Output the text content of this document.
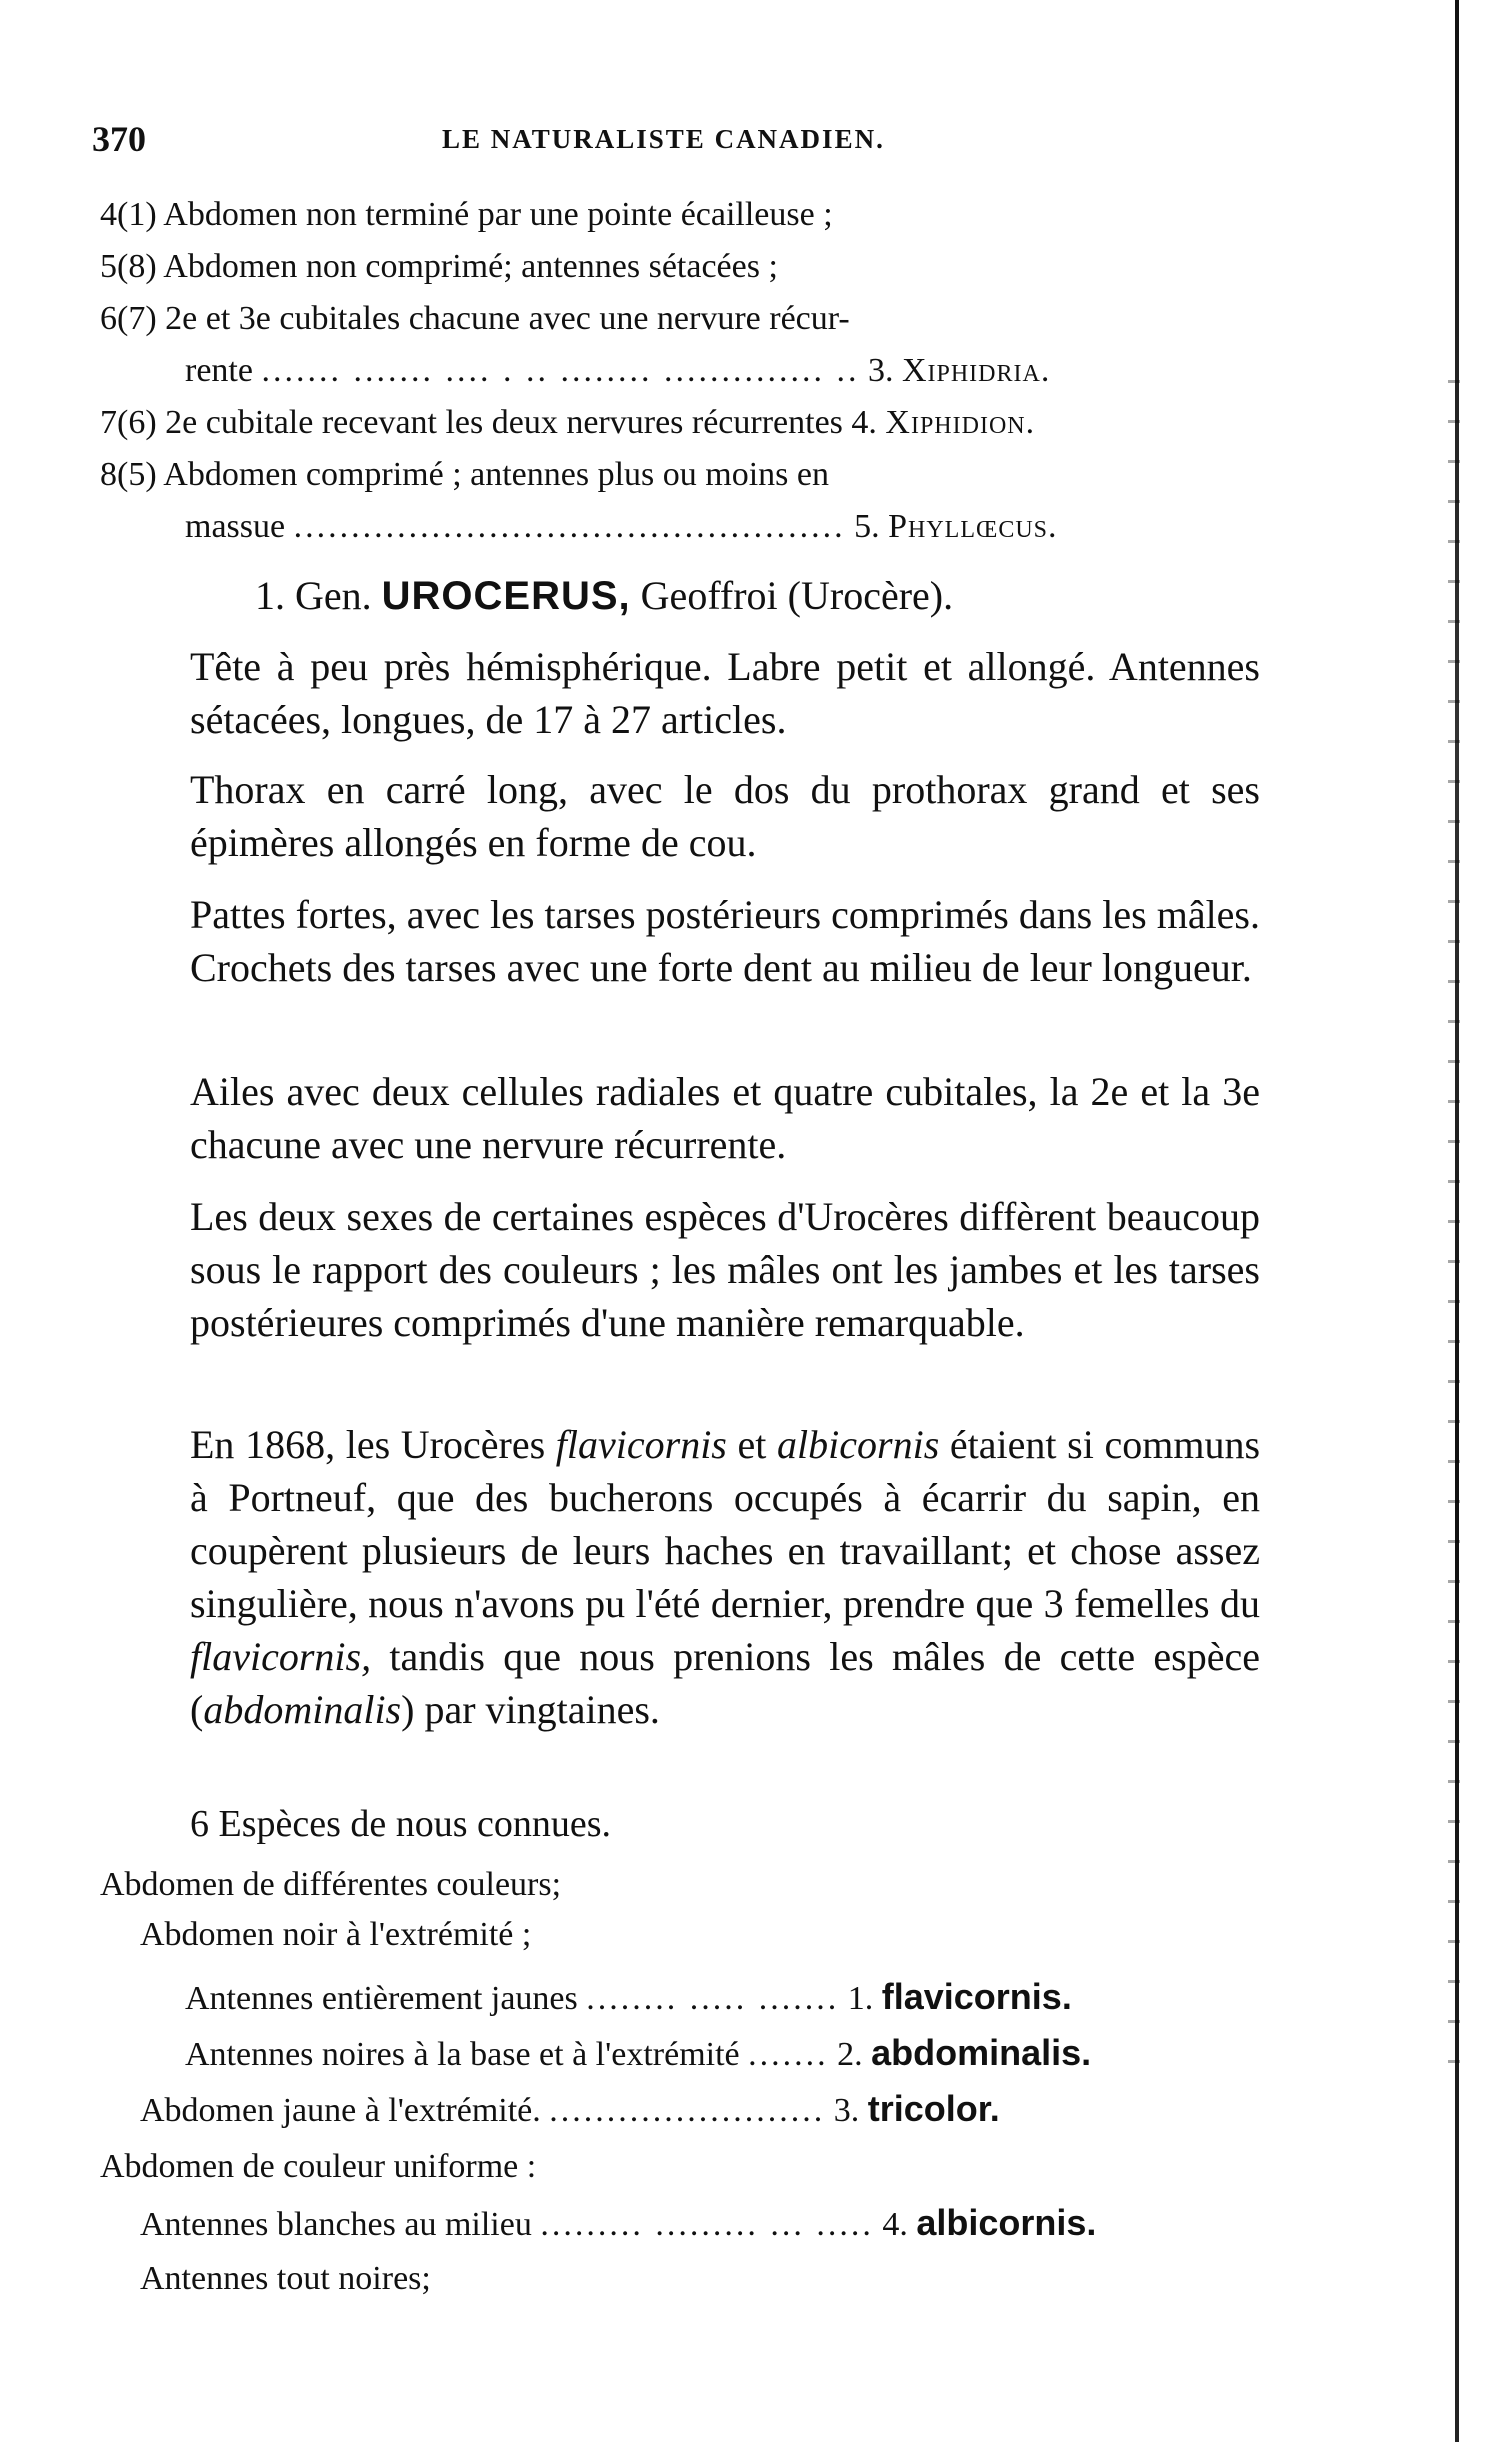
370	LE NATURALISTE CANADIEN.
4(1) Abdomen non terminé par une pointe écailleuse ;
5(8) Abdomen non comprimé; antennes sétacées ;
6(7) 2e et 3e cubitales chacune avec une nervure récur-
rente ....... ....... .... . .. ........ .............. .. 3. Xiphidria.
7(6) 2e cubitale recevant les deux nervures récurrentes 4. Xiphidion.
8(5) Abdomen comprimé ; antennes plus ou moins en
massue ................................................ 5. Phyllœcus.
1. Gen. UROCERUS, Geoffroi (Urocère).

Tête à peu près hémisphérique. Labre petit et allongé. Antennes sétacées, longues, de 17 à 27 articles.

Thorax en carré long, avec le dos du prothorax grand et ses épimères allongés en forme de cou.

Pattes fortes, avec les tarses postérieurs comprimés dans les mâles. Crochets des tarses avec une forte dent au milieu de leur longueur.

Ailes avec deux cellules radiales et quatre cubitales, la 2e et la 3e chacune avec une nervure récurrente.

Les deux sexes de certaines espèces d'Urocères diffèrent beaucoup sous le rapport des couleurs ; les mâles ont les jambes et les tarses postérieures comprimés d'une manière remarquable.

En 1868, les Urocères flavicornis et albicornis étaient si communs à Portneuf, que des bucherons occupés à écarrir du sapin, en coupèrent plusieurs de leurs haches en travaillant; et chose assez singulière, nous n'avons pu l'été dernier, prendre que 3 femelles du flavicornis, tandis que nous prenions les mâles de cette espèce (abdominalis) par vingtaines.

6 Espèces de nous connues.
Abdomen de différentes couleurs;
Abdomen noir à l'extrémité ;
Antennes entièrement jaunes ........ ..... ....... 1. flavicornis.
Antennes noires à la base et à l'extrémité ....... 2. abdominalis.
Abdomen jaune à l'extrémité. ........................ 3. tricolor.
Abdomen de couleur uniforme :
Antennes blanches au milieu ......... ......... ... ..... 4. albicornis.
Antennes tout noires;
